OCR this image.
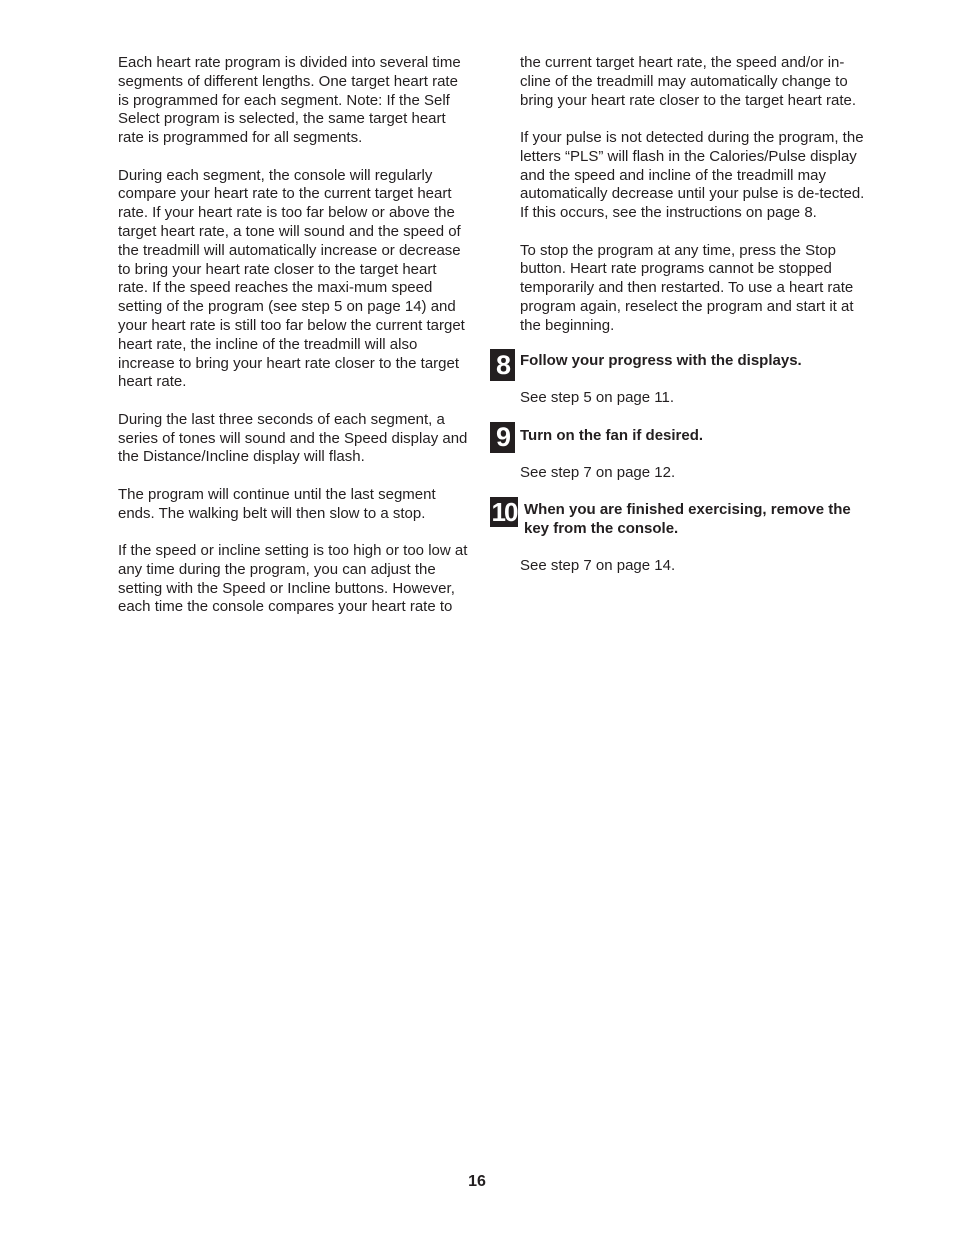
Each heart rate program is divided into several time segments of different lengths. One target heart rate is programmed for each segment. Note: If the Self Select program is selected, the same target heart rate is programmed for all segments.

During each segment, the console will regularly compare your heart rate to the current target heart rate. If your heart rate is too far below or above the target heart rate, a tone will sound and the speed of the treadmill will automatically increase or decrease to bring your heart rate closer to the target heart rate. If the speed reaches the maxi-mum speed setting of the program (see step 5 on page 14) and your heart rate is still too far below the current target heart rate, the incline of the treadmill will also increase to bring your heart rate closer to the target heart rate.

During the last three seconds of each segment, a series of tones will sound and the Speed display and the Distance/Incline display will flash.

The program will continue until the last segment ends. The walking belt will then slow to a stop.

If the speed or incline setting is too high or too low at any time during the program, you can adjust the setting with the Speed or Incline buttons. However, each time the console compares your heart rate to

the current target heart rate, the speed and/or in-cline of the treadmill may automatically change to bring your heart rate closer to the target heart rate.

If your pulse is not detected during the program, the letters “PLS” will flash in the Calories/Pulse display and the speed and incline of the treadmill may automatically decrease until your pulse is de-tected. If this occurs, see the instructions on page 8.

To stop the program at any time, press the Stop button. Heart rate programs cannot be stopped temporarily and then restarted. To use a heart rate program again, reselect the program and start it at the beginning.

8 Follow your progress with the displays.

See step 5 on page 11.

9 Turn on the fan if desired.

See step 7 on page 12.

10 When you are finished exercising, remove the key from the console.

See step 7 on page 14.

16
